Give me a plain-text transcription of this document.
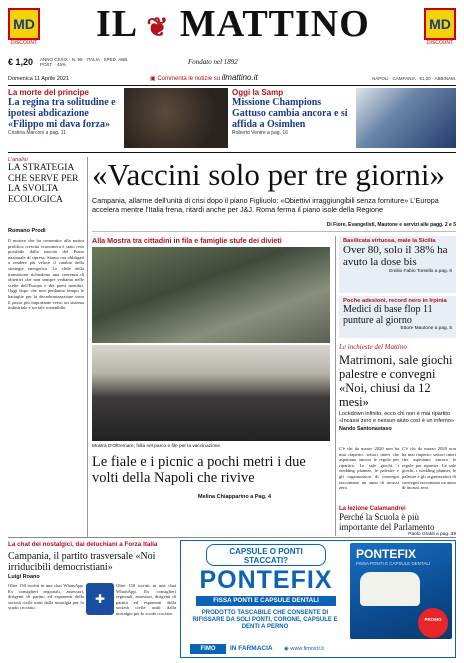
MD
DISCOUNT
MD
DISCOUNT
IL ❦ MATTINO
€ 1,20 ANNO CXXIX · N. 99 · ITALIA · SPED. ABB. POST. · 45%
Domenica 11 Aprile 2021
Fondato nel 1892
▣ Commenta le notizie su ilmattino.it	NAPOLI · CAMPANIA · €1,20 · ABBINAM.
La morte del principe
La regina tra solitudine e ipotesi abdicazione «Filippo mi dava forza»
Cristina Marconi a pag. 11
Oggi la Samp
Missione Champions Gattuso cambia ancora e si affida a Osimhen
Roberto Ventre a pag. 16
L'analisi
LA STRATEGIA CHE SERVE PER LA SVOLTA ECOLOGICA
Romano Prodi
Il motore che ha consentito alla nostra prolifica crescita economica è stato reso possibile dalla nascita del Piano nazionale di ripresa. Siamo ora obbligati a rendere più veloce il cambio della strategia energetica. Le sfide della transizione richiedono una coerenza di obiettivi che non sempre vediamo nelle scelte dell'Europa e dei paesi membri. Oggi dopo che non perdiamo tempo le battaglie per la decarbonizzazione sono il passo più importante verso un sistema industriale e sociale sostenibile.
«Vaccini solo per tre giorni»
Campania, allarme dell'unità di crisi dopo il piano Figliuolo: «Obiettivi irraggiungibili senza forniture» L'Europa accelera mentre l'Italia frena, ritardi anche per J&J. Roma ferma il piano isole della Regione
Di Fiore, Evangelisti, Mautone e servizi alle pagg. 2 e 5
Alla Mostra tra cittadini in fila e famiglie stufe dei divieti
Mostra D'Oltremare, folla nel parco e file per la vaccinazione
Le fiale e i picnic a pochi metri i due volti della Napoli che rivive
Melina Chiapparino a Pag. 4
Basilicata virtuosa, male la Sicilia
Over 80, solo il 38% ha avuto la dose bis
Emilio Fabio Torsello a pag. 6
Poche adesioni, record nero in Irpinia
Medici di base flop 11 punture al giorno
Ettore Mautone a pag. 5
Le inchieste del Mattino
Matrimoni, sale giochi palestre e convegni «Noi, chiusi da 12 mesi»
Lockdown infinito, ecco chi non è mai ripartito «Incassi zero e nessun aiuto così è un inferno»
Nando Santonastaso
C'è chi da marzo 2020 non ha mai riaperto: settori interi che aspettano ancora le regole per ripartire. Le sale giochi, i wedding planner, le palestre e gli organizzatori di convegni raccontano un anno di incassi zero.
C'è chi da marzo 2020 non ha mai riaperto: settori interi che aspettano ancora le regole per ripartire. Le sale giochi, i wedding planner, le palestre e gli organizzatori di convegni raccontano un anno di incassi zero.
La lezione Calamandrei
Perché la Scuola è più importante del Parlamento
Paolo Graldi a pag. 39
La chat dei nostalgici, dai deluchiani a Forza Italia
Campania, il partito trasversale «Noi irriducibili democristiani»
Luigi Roano
Oltre 150 iscritti in una chat WhatsApp. Ex consiglieri regionali, assessori, dirigenti di partito ed esponenti della società civile uniti dalla nostalgia per lo scudo crociato.
✚
Oltre 150 iscritti in una chat WhatsApp. Ex consiglieri regionali, assessori, dirigenti di partito ed esponenti della società civile uniti dalla nostalgia per lo scudo crociato.
CAPSULE O PONTI STACCATI?
PONTEFIX
FISSA PONTI E CAPSULE DENTALI
PRODOTTO TASCABILE CHE CONSENTE DI RIFISSARE DA SOLI PONTI, CORONE, CAPSULE E DENTI A PERNO
FIMO	IN FARMACIA ◉ www.fimosrl.it
PONTEFIX
FISSA PONTI E CAPSULE DENTALI
PROMO
